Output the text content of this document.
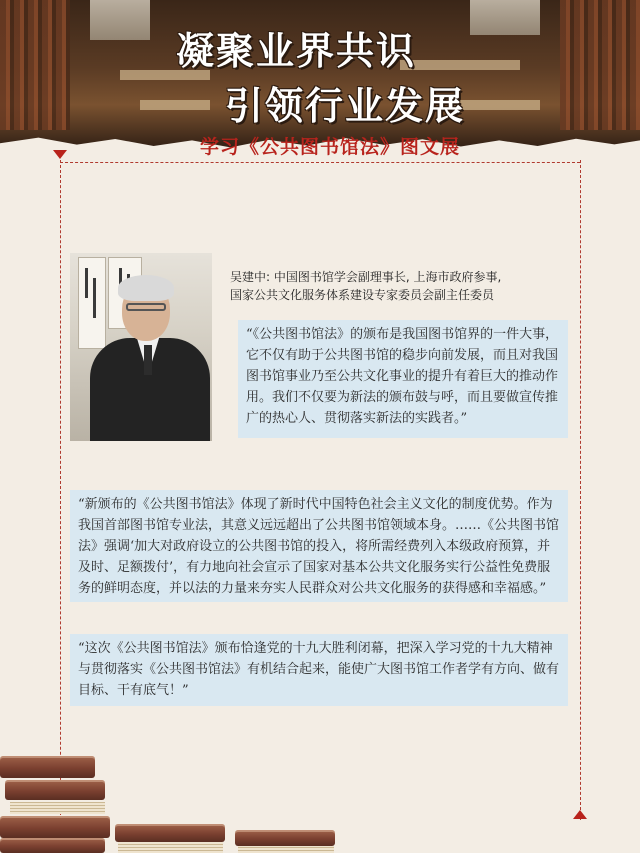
凝聚业界共识
引领行业发展
学习《公共图书馆法》图文展
吴建中: 中国图书馆学会副理事长, 上海市政府参事,
国家公共文化服务体系建设专家委员会副主任委员
“《公共图书馆法》的颁布是我国图书馆界的一件大事，它不仅有助于公共图书馆的稳步向前发展，而且对我国图书馆事业乃至公共文化事业的提升有着巨大的推动作用。我们不仅要为新法的颁布鼓与呼，而且要做宣传推广的热心人、贯彻落实新法的实践者。”
“新颁布的《公共图书馆法》体现了新时代中国特色社会主义文化的制度优势。作为我国首部图书馆专业法，其意义远远超出了公共图书馆领域本身。……《公共图书馆法》强调‘加大对政府设立的公共图书馆的投入，将所需经费列入本级政府预算，并及时、足额拨付’，有力地向社会宣示了国家对基本公共文化服务实行公益性免费服务的鲜明态度，并以法的力量来夯实人民群众对公共文化服务的获得感和幸福感。”
“这次《公共图书馆法》颁布恰逢党的十九大胜利闭幕，把深入学习党的十九大精神与贯彻落实《公共图书馆法》有机结合起来，能使广大图书馆工作者学有方向、做有目标、干有底气！”
